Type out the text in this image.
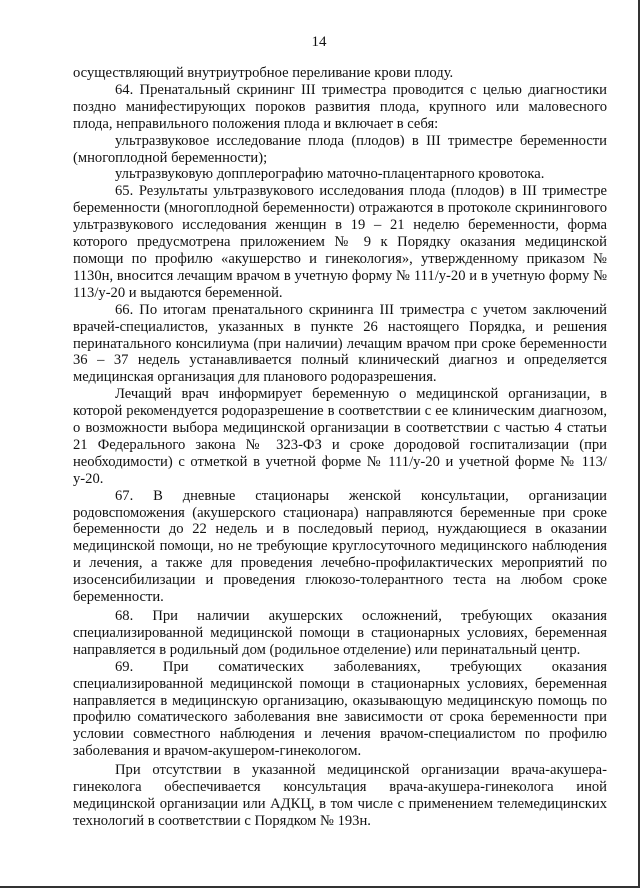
14

осуществляющий внутриутробное переливание крови плоду.

64. Пренатальный скрининг III триместра проводится с целью диагностики поздно манифестирующих пороков развития плода, крупного или маловесного плода, неправильного положения плода и включает в себя:

ультразвуковое исследование плода (плодов) в III триместре беременности (многоплодной беременности);

ультразвуковую допплерографию маточно-плацентарного кровотока.

65. Результаты ультразвукового исследования плода (плодов) в III триместре беременности (многоплодной беременности) отражаются в протоколе скринингового ультразвукового исследования женщин в 19 – 21 неделю беременности, форма которого предусмотрена приложением № 9 к Порядку оказания медицинской помощи по профилю «акушерство и гинекология», утвержденному приказом № 1130н, вносится лечащим врачом в учетную форму № 111/у-20 и в учетную форму № 113/у-20 и выдаются беременной.

66. По итогам пренатального скрининга III триместра с учетом заключений врачей-специалистов, указанных в пункте 26 настоящего Порядка, и решения перинатального консилиума (при наличии) лечащим врачом при сроке беременности 36 – 37 недель устанавливается полный клинический диагноз и определяется медицинская организация для планового родоразрешения.

Лечащий врач информирует беременную о медицинской организации, в которой рекомендуется родоразрешение в соответствии с ее клиническим диагнозом, о возможности выбора медицинской организации в соответствии с частью 4 статьи 21 Федерального закона № 323-ФЗ и сроке дородовой госпитализации (при необходимости) с отметкой в учетной форме № 111/у-20 и учетной форме № 113/у-20.

67. В дневные стационары женской консультации, организации родовспоможения (акушерского стационара) направляются беременные при сроке беременности до 22 недель и в последовый период, нуждающиеся в оказании медицинской помощи, но не требующие круглосуточного медицинского наблюдения и лечения, а также для проведения лечебно-профилактических мероприятий по изосенсибилизации и проведения глюкозо-толерантного теста на любом сроке беременности.

68. При наличии акушерских осложнений, требующих оказания специализированной медицинской помощи в стационарных условиях, беременная направляется в родильный дом (родильное отделение) или перинатальный центр.

69. При соматических заболеваниях, требующих оказания специализированной медицинской помощи в стационарных условиях, беременная направляется в медицинскую организацию, оказывающую медицинскую помощь по профилю соматического заболевания вне зависимости от срока беременности при условии совместного наблюдения и лечения врачом-специалистом по профилю заболевания и врачом-акушером-гинекологом.

При отсутствии в указанной медицинской организации врача-акушера-гинеколога обеспечивается консультация врача-акушера-гинеколога иной медицинской организации или АДКЦ, в том числе с применением телемедицинских технологий в соответствии с Порядком № 193н.
